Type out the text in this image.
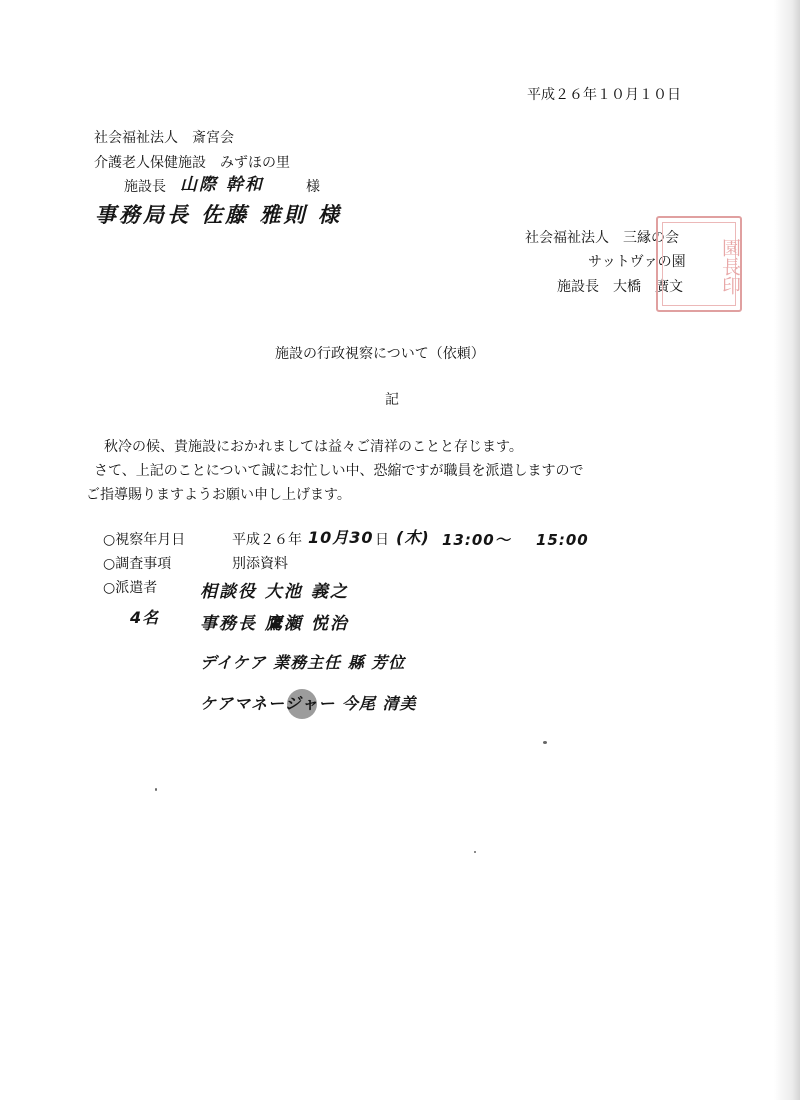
平成２６年１０月１０日
社会福祉法人　斎宮会
介護老人保健施設　みずほの里
施設長 山際 幹和	様
事務局長 佐藤 雅則 様
社会福祉法人　三縁の会
サットヴァの園
施設長　大橋　廣文	園長印
施設の行政視察について（依頼）
記
秋冷の候、貴施設におかれましては益々ご清祥のことと存じます。
さて、上記のことについて誠にお忙しい中、恐縮ですが職員を派遣しますので
ご指導賜りますようお願い申し上げます。
○視察年月日	平成２６年 10月30 日 (木) 13:00〜 15:00
○調査事項	別添資料
○派遣者
4名
相談役 大池 義之
事務長 鷹瀬 悦治
デイケア 業務主任 縣 芳位
ケアマネージャー 今尾 清美
